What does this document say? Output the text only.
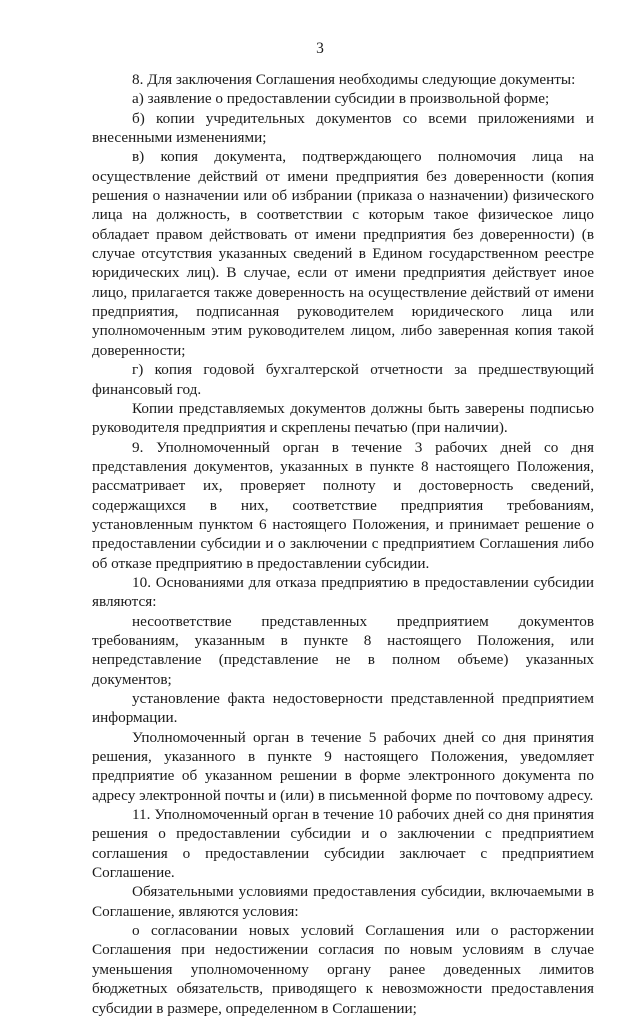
3

8. Для заключения Соглашения необходимы следующие документы:

а) заявление о предоставлении субсидии в произвольной форме;

б) копии учредительных документов со всеми приложениями и внесенными изменениями;

в) копия документа, подтверждающего полномочия лица на осуществление действий от имени предприятия без доверенности (копия решения о назначении или об избрании (приказа о назначении) физического лица на должность, в соответствии с которым такое физическое лицо обладает правом действовать от имени предприятия без доверенности) (в случае отсутствия указанных сведений в Едином государственном реестре юридических лиц). В случае, если от имени предприятия действует иное лицо, прилагается также доверенность на осуществление действий от имени предприятия, подписанная руководителем юридического лица или уполномоченным этим руководителем лицом, либо заверенная копия такой доверенности;

г) копия годовой бухгалтерской отчетности за предшествующий финансовый год.

Копии представляемых документов должны быть заверены подписью руководителя предприятия и скреплены печатью (при наличии).

9. Уполномоченный орган в течение 3 рабочих дней со дня представления документов, указанных в пункте 8 настоящего Положения, рассматривает их, проверяет полноту и достоверность сведений, содержащихся в них, соответствие предприятия требованиям, установленным пунктом 6 настоящего Положения, и принимает решение о предоставлении субсидии и о заключении с предприятием Соглашения либо об отказе предприятию в предоставлении субсидии.

10. Основаниями для отказа предприятию в предоставлении субсидии являются:

несоответствие представленных предприятием документов требованиям, указанным в пункте 8 настоящего Положения, или непредставление (представление не в полном объеме) указанных документов;

установление факта недостоверности представленной предприятием информации.

Уполномоченный орган в течение 5 рабочих дней со дня принятия решения, указанного в пункте 9 настоящего Положения, уведомляет предприятие об указанном решении в форме электронного документа по адресу электронной почты и (или) в письменной форме по почтовому адресу.

11. Уполномоченный орган в течение 10 рабочих дней со дня принятия решения о предоставлении субсидии и о заключении с предприятием соглашения о предоставлении субсидии заключает с предприятием Соглашение.

Обязательными условиями предоставления субсидии, включаемыми в Соглашение, являются условия:

о согласовании новых условий Соглашения или о расторжении Соглашения при недостижении согласия по новым условиям в случае уменьшения уполномоченному органу ранее доведенных лимитов бюджетных обязательств, приводящего к невозможности предоставления субсидии в размере, определенном в Соглашении;
